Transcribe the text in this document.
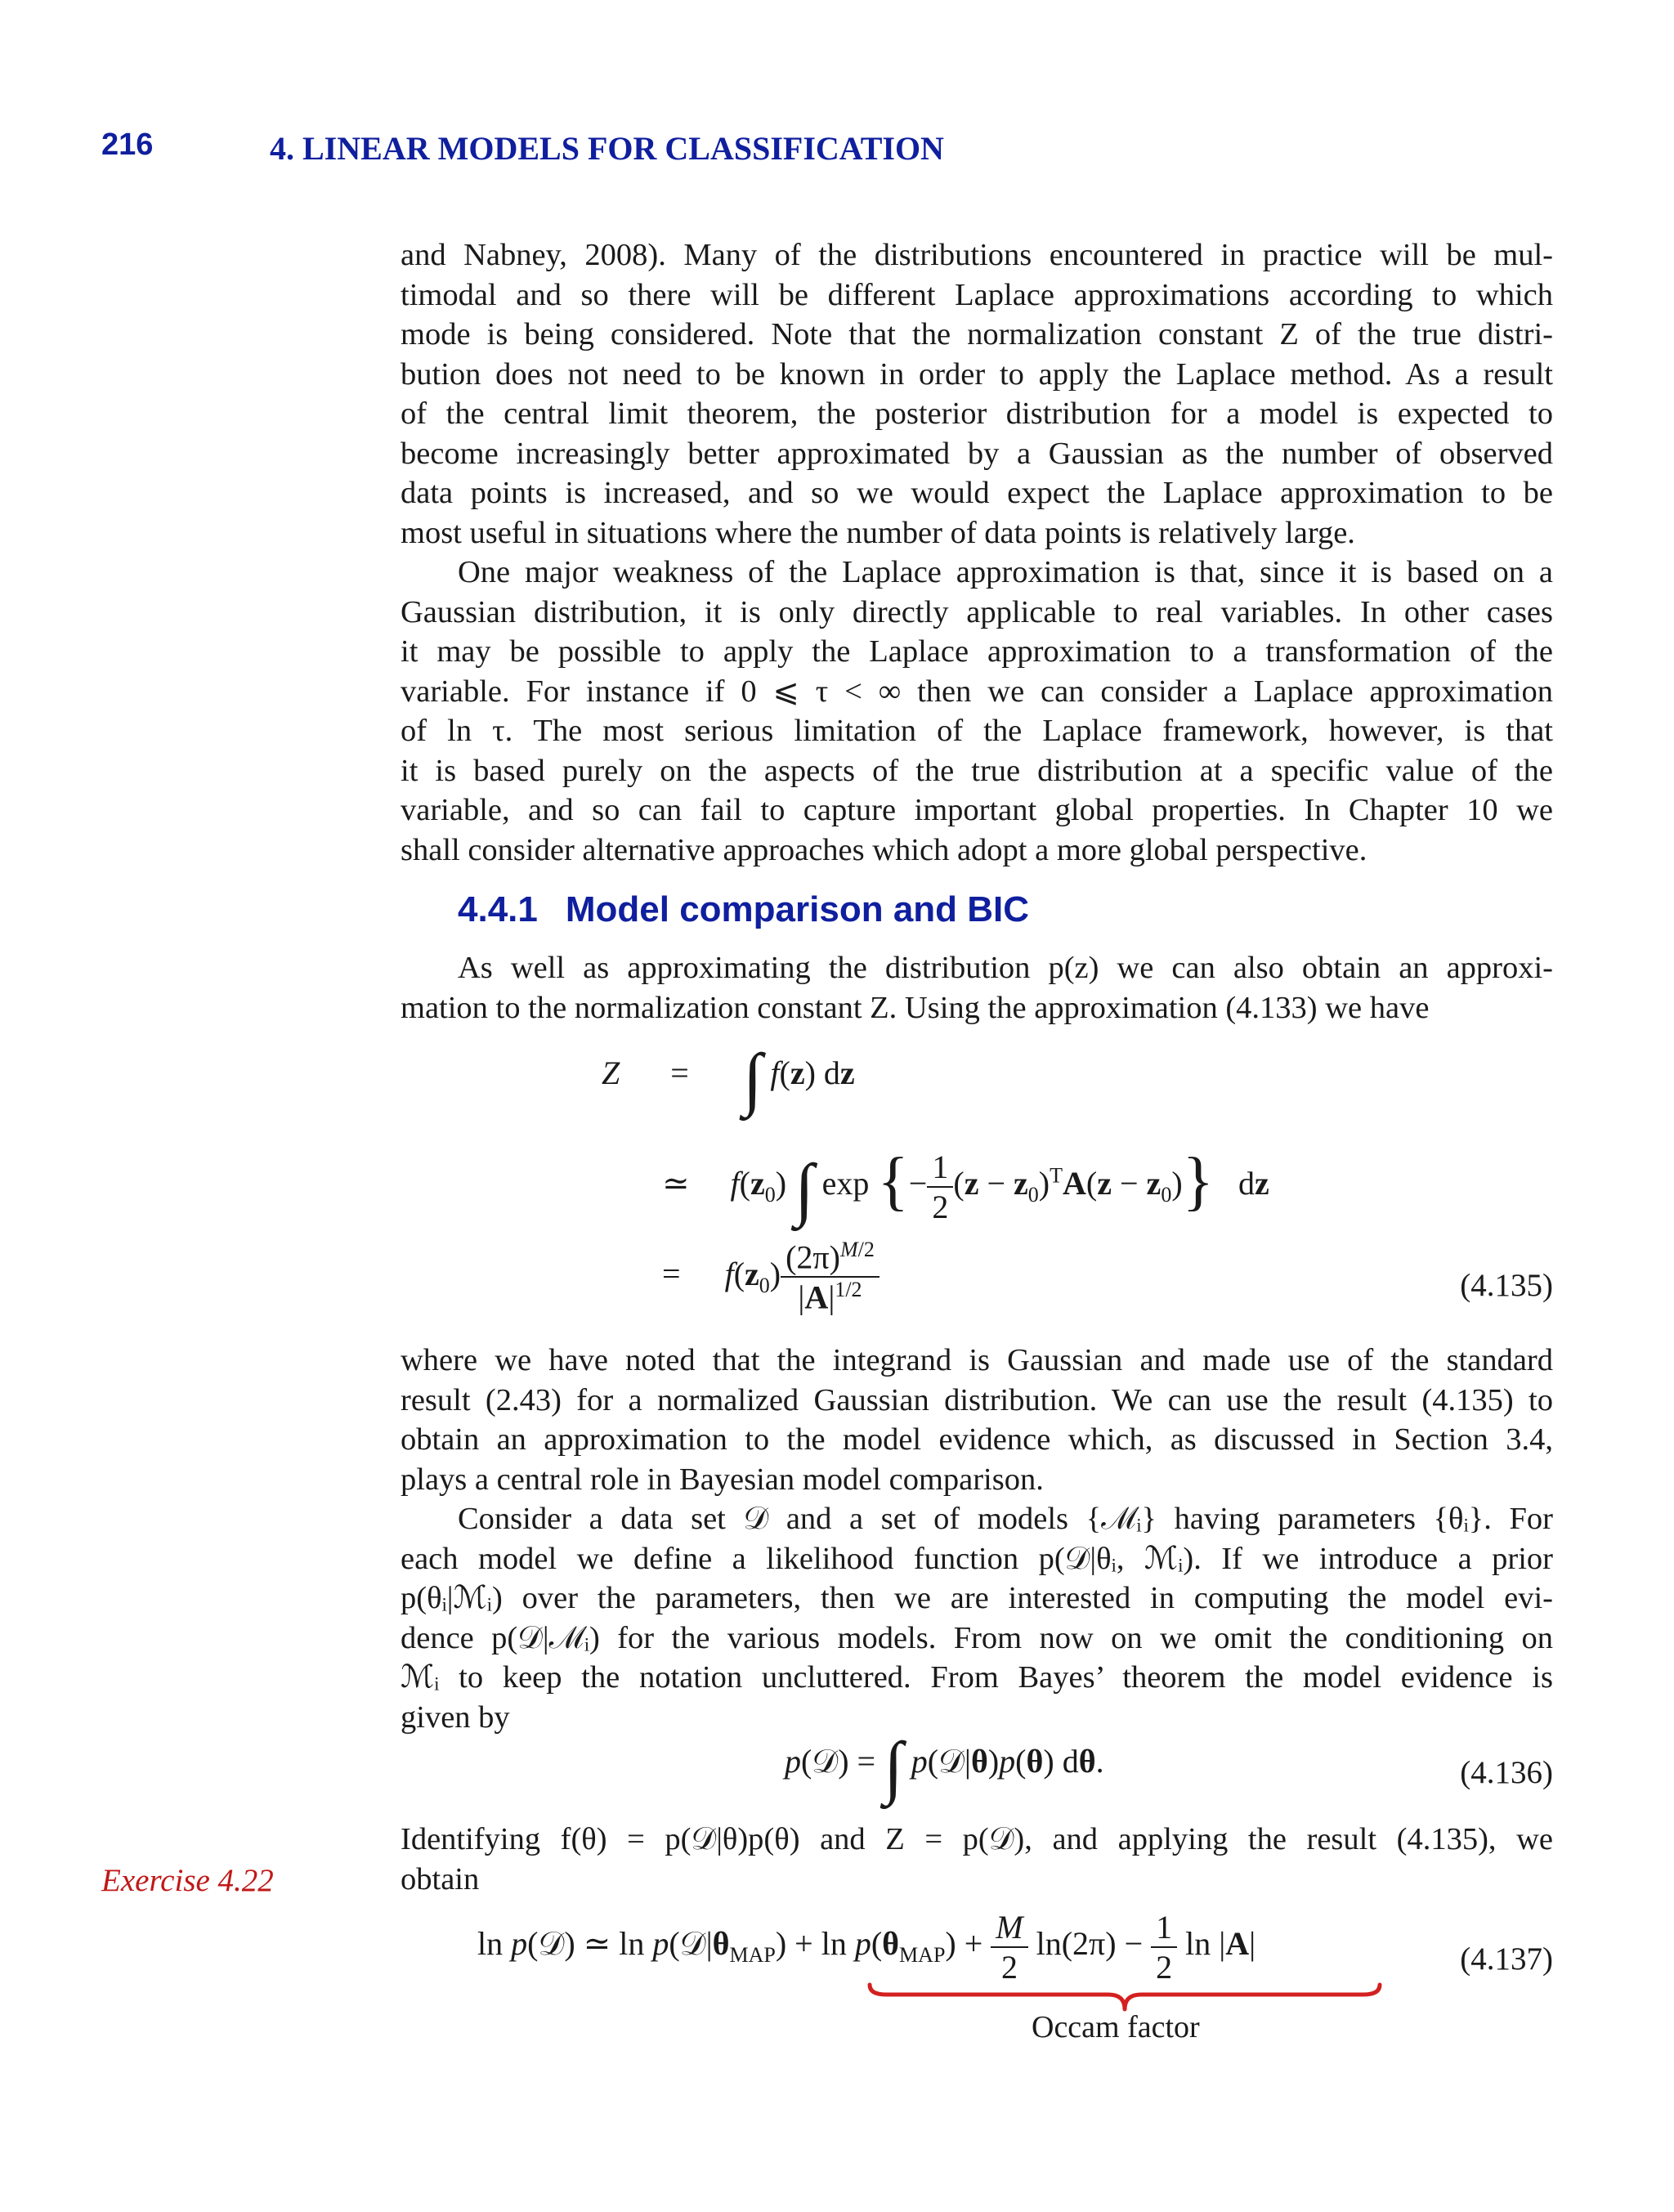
216	4. LINEAR MODELS FOR CLASSIFICATION
and Nabney, 2008). Many of the distributions encountered in practice will be mul-
timodal and so there will be different Laplace approximations according to which
mode is being considered. Note that the normalization constant Z of the true distri-
bution does not need to be known in order to apply the Laplace method. As a result
of the central limit theorem, the posterior distribution for a model is expected to
become increasingly better approximated by a Gaussian as the number of observed
data points is increased, and so we would expect the Laplace approximation to be
most useful in situations where the number of data points is relatively large.
One major weakness of the Laplace approximation is that, since it is based on a
Gaussian distribution, it is only directly applicable to real variables. In other cases
it may be possible to apply the Laplace approximation to a transformation of the
variable. For instance if 0 ⩽ τ < ∞ then we can consider a Laplace approximation
of ln τ. The most serious limitation of the Laplace framework, however, is that
it is based purely on the aspects of the true distribution at a specific value of the
variable, and so can fail to capture important global properties. In Chapter 10 we
shall consider alternative approaches which adopt a more global perspective.
4.4.1 Model comparison and BIC
As well as approximating the distribution p(z) we can also obtain an approxi-
mation to the normalization constant Z. Using the approximation (4.133) we have
Z = ∫ f(z) dz
≃ $f(z_0)$ ∫ exp {− $\frac{1}{2} (z - z_0)^TA(z - z_0)$} dz
= $f(z_0) \frac{(2\pi)^{M/2}}{|A|^{1/2}}$	(4.135)
where we have noted that the integrand is Gaussian and made use of the standard
result (2.43) for a normalized Gaussian distribution. We can use the result (4.135) to
obtain an approximation to the model evidence which, as discussed in Section 3.4,
plays a central role in Bayesian model comparison.
Consider a data set 𝒟 and a set of models {ℳᵢ} having parameters {θᵢ}. For
each model we define a likelihood function p(𝒟|θᵢ, ℳᵢ). If we introduce a prior
p(θᵢ|ℳᵢ) over the parameters, then we are interested in computing the model evi-
dence p(𝒟|ℳᵢ) for the various models. From now on we omit the conditioning on
ℳᵢ to keep the notation uncluttered. From Bayes’ theorem the model evidence is
given by
p(𝒟) = ∫ p(𝒟|θ)p(θ) dθ.	(4.136)
Identifying f(θ) = p(𝒟|θ)p(θ) and Z = p(𝒟), and applying the result (4.135), we
obtain
Exercise 4.22
ln p(𝒟) ≃ $\ln p(𝒟|\theta_{MAP}) + \ln p(\theta_{MAP}) + \frac{M}{2} \ln(2\pi) - \frac{1}{2}$ ln |A|	(4.137)
Occam factor
